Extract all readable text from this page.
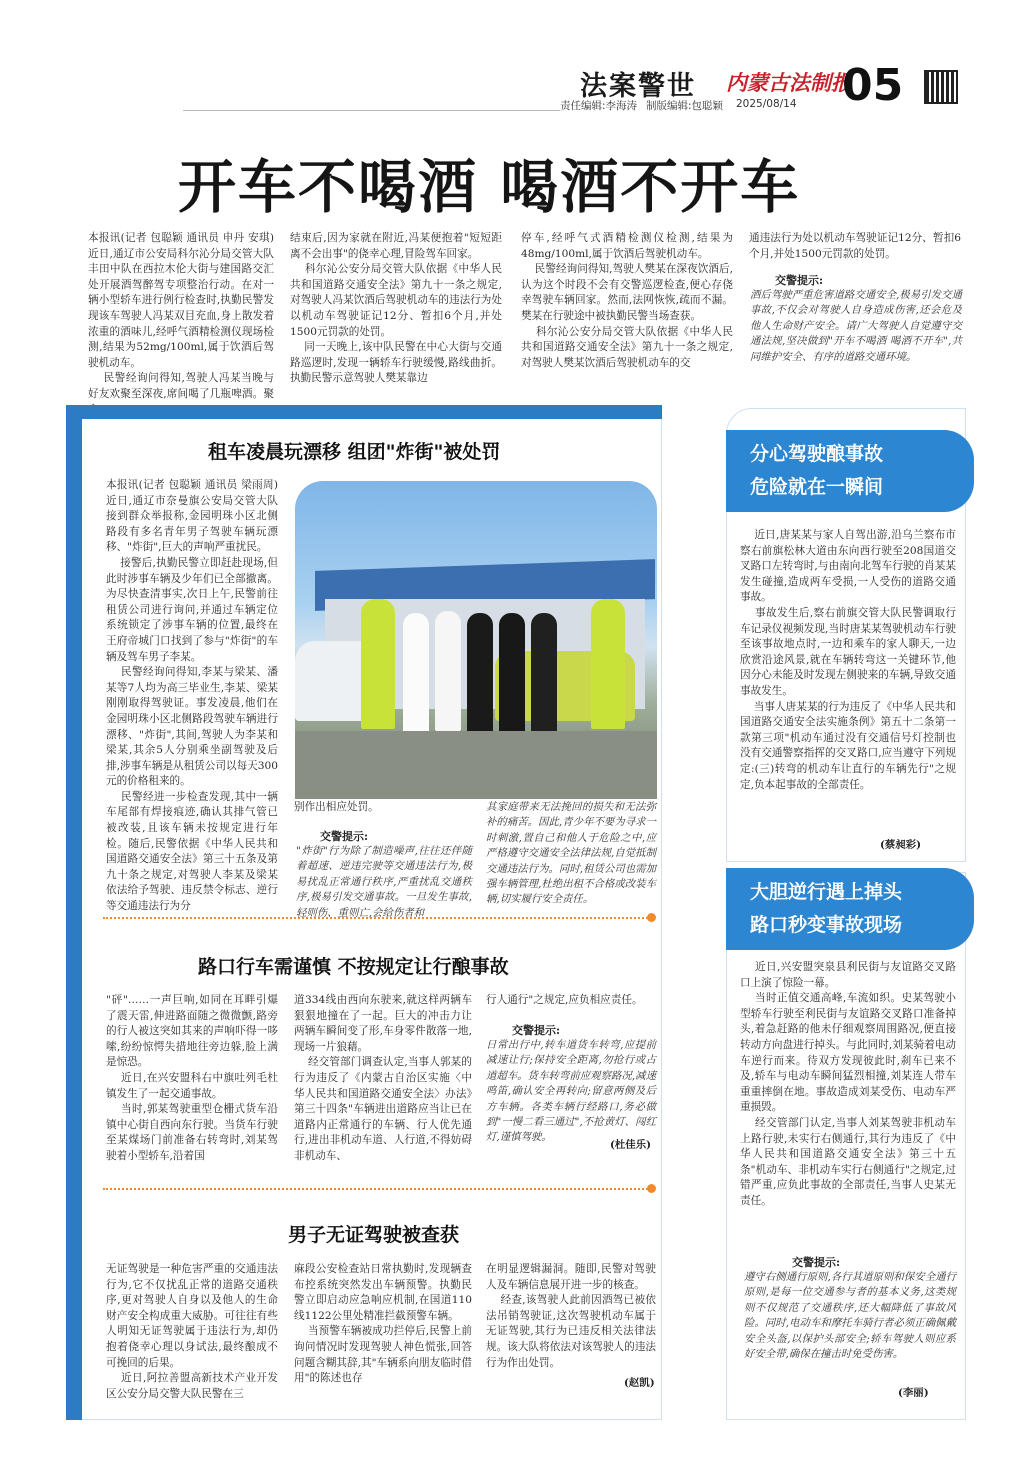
法案警世 内蒙古法制报
05
责任编辑:李海涛 制版编辑:包聪颖 2025/08/14
开车不喝酒 喝酒不开车
本报讯(记者 包聪颖 通讯员 申丹 安琪)近日,通辽市公安局科尔沁分局交管大队丰田中队在西拉木伦大街与建国路交汇处开展酒驾醉驾专项整治行动。在对一辆小型轿车进行例行检查时,执勤民警发现该车驾驶人冯某双目充血,身上散发着浓重的酒味儿,经呼气酒精检测仪现场检测,结果为52mg/100ml,属于饮酒后驾驶机动车。
民警经询问得知,驾驶人冯某当晚与好友欢聚至深夜,席间喝了几瓶啤酒。聚
结束后,因为家就在附近,冯某便抱着"短短距离不会出事"的侥幸心理,冒险驾车回家。
科尔沁公安分局交管大队依据《中华人民共和国道路交通安全法》第九十一条之规定,对驾驶人冯某饮酒后驾驶机动车的违法行为处以机动车驾驶证记12分、暂扣6个月,并处1500元罚款的处罚。
同一天晚上,该中队民警在中心大街与交通路巡逻时,发现一辆轿车行驶缓慢,路线曲折。执勤民警示意驾驶人樊某靠边
停车,经呼气式酒精检测仪检测,结果为48mg/100ml,属于饮酒后驾驶机动车。
民警经询问得知,驾驶人樊某在深夜饮酒后,认为这个时段不会有交警巡逻检查,便心存侥幸驾驶车辆回家。然而,法网恢恢,疏而不漏。樊某在行驶途中被执勤民警当场查获。
科尔沁公安分局交管大队依据《中华人民共和国道路交通安全法》第九十一条之规定,对驾驶人樊某饮酒后驾驶机动车的交
通违法行为处以机动车驾驶证记12分、暂扣6个月,并处1500元罚款的处罚。
交警提示:
酒后驾驶严重危害道路交通安全,极易引发交通事故,不仅会对驾驶人自身造成伤害,还会危及他人生命财产安全。请广大驾驶人自觉遵守交通法规,坚决做到"开车不喝酒 喝酒不开车",共同维护安全、有序的道路交通环境。
租车凌晨玩漂移 组团"炸街"被处罚
本报讯(记者 包聪颖 通讯员 梁雨周)近日,通辽市奈曼旗公安局交管大队接到群众举报称,金园明珠小区北侧路段有多名青年男子驾驶车辆玩漂移、"炸街",巨大的声响严重扰民。
接警后,执勤民警立即赶赴现场,但此时涉事车辆及少年们已全部撤离。为尽快查清事实,次日上午,民警前往租赁公司进行询问,并通过车辆定位系统锁定了涉事车辆的位置,最终在王府帝城门口找到了参与"炸街"的车辆及驾车男子李某。
民警经询问得知,李某与梁某、潘某等7人均为高三毕业生,李某、梁某刚刚取得驾驶证。事发凌晨,他们在金园明珠小区北侧路段驾驶车辆进行漂移、"炸街",其间,驾驶人为李某和梁某,其余5人分别乘坐副驾驶及后排,涉事车辆是从租赁公司以每天300元的价格租来的。
民警经进一步检查发现,其中一辆车尾部有焊接痕迹,确认其排气管已被改装,且该车辆未按规定进行年检。随后,民警依据《中华人民共和国道路交通安全法》第三十五条及第九十条之规定,对驾驶人李某及梁某依法给予驾驶、违反禁令标志、逆行等交通违法行为分
别作出相应处罚。
交警提示:
"炸街"行为除了制造噪声,往往还伴随着超速、逆违完驶等交通违法行为,极易扰乱正常通行秩序,严重扰乱交通秩序,极易引发交通事故。一旦发生事故,轻则伤、重则亡,会给伤者和
其家庭带来无法挽回的损失和无法弥补的痛苦。因此,青少年不要为寻求一时刺激,置自己和他人于危险之中,应严格遵守交通安全法律法规,自觉抵制交通违法行为。同时,租赁公司也需加强车辆管理,杜绝出租不合格或改装车辆,切实履行安全责任。
路口行车需谨慎 不按规定让行酿事故
"砰"……一声巨响,如同在耳畔引爆了震天雷,伸进路面随之微微颤,路旁的行人被这突如其来的声响吓得一哆嗦,纷纷惊愕失措地往旁边躲,脸上满是惊恐。
近日,在兴安盟科右中旗吐列毛杜镇发生了一起交通事故。
当时,郭某驾驶重型仓栅式货车沿镇中心街自西向东行驶。当货车行驶至某煤场门前准备右转弯时,刘某驾驶着小型轿车,沿着国
道334线由西向东驶来,就这样两辆车狠狠地撞在了一起。巨大的冲击力让两辆车瞬间变了形,车身零件散落一地,现场一片狼藉。
经交管部门调查认定,当事人郭某的行为违反了《内蒙古自治区实施〈中华人民共和国道路交通安全法〉办法》第三十四条"车辆进出道路应当让已在道路内正常通行的车辆、行人优先通行,进出非机动车道、人行道,不得妨碍非机动车、
行人通行"之规定,应负相应责任。
交警提示:
日常出行中,转车道货车转弯,应提前减速让行;保持安全距离,勿抢行或占道超车。货车转弯前应观察路况,减速鸣笛,确认安全再转向;留意两侧及后方车辆。各类车辆行经路口,务必做到"一慢二看三通过",不抢黄灯、闯红灯,谨慎驾驶。
(杜佳乐)
男子无证驾驶被查获
无证驾驶是一种危害严重的交通违法行为,它不仅扰乱正常的道路交通秩序,更对驾驶人自身以及他人的生命财产安全构成重大威胁。可往往有些人明知无证驾驶属于违法行为,却仍抱着侥幸心理以身试法,最终酿成不可挽回的后果。
近日,阿拉善盟高新技术产业开发区公安分局交警大队民警在三
麻段公安检查站日常执勤时,发现辆查布控系统突然发出车辆预警。执勤民警立即启动应急响应机制,在国道110线1122公里处精准拦截预警车辆。
当预警车辆被成功拦停后,民警上前询问情况时发现驾驶人神色慌张,回答问题含糊其辞,其"车辆系向朋友临时借用"的陈述也存
在明显逻辑漏洞。随即,民警对驾驶人及车辆信息展开进一步的核查。
经查,该驾驶人此前因酒驾已被依法吊销驾驶证,这次驾驶机动车属于无证驾驶,其行为已违反相关法律法规。该大队将依法对该驾驶人的违法行为作出处罚。
(赵凯)
分心驾驶酿事故
危险就在一瞬间
近日,唐某某与家人自驾出游,沿乌兰察布市察右前旗松林大道由东向西行驶至208国道交叉路口左转弯时,与由南向北驾车行驶的肖某某发生碰撞,造成两车受损,一人受伤的道路交通事故。
事故发生后,察右前旗交管大队民警调取行车记录仪视频发现,当时唐某某驾驶机动车行驶至该事故地点时,一边和乘车的家人聊天,一边欣赏沿途风景,就在车辆转弯这一关键环节,他因分心未能及时发现左侧驶来的车辆,导致交通事故发生。
当事人唐某某的行为违反了《中华人民共和国道路交通安全法实施条例》第五十二条第一款第三项"机动车通过没有交通信号灯控制也没有交通警察指挥的交叉路口,应当遵守下列规定:(三)转弯的机动车让直行的车辆先行"之规定,负本起事故的全部责任。
(蔡昶彩)
大胆逆行遇上掉头
路口秒变事故现场
近日,兴安盟突泉县利民街与友谊路交叉路口上演了惊险一幕。
当时正值交通高峰,车流如织。史某驾驶小型轿车行驶至利民街与友谊路交叉路口准备掉头,着急赶路的他未仔细观察周围路况,便直接转动方向盘进行掉头。与此同时,刘某骑着电动车逆行而来。待双方发现彼此时,刹车已来不及,轿车与电动车瞬间猛烈相撞,刘某连人带车重重摔倒在地。事故造成刘某受伤、电动车严重损毁。
经交管部门认定,当事人刘某驾驶非机动车上路行驶,未实行右侧通行,其行为违反了《中华人民共和国道路交通安全法》第三十五条"机动车、非机动车实行右侧通行"之规定,过错严重,应负此事故的全部责任,当事人史某无责任。
交警提示:
遵守右侧通行原则,各行其道原则和保安全通行原则,是每一位交通参与者的基本义务,这类规则不仅规范了交通秩序,还大幅降低了事故风险。同时,电动车和摩托车骑行者必须正确佩戴安全头盔,以保护头部安全;轿车驾驶人则应系好安全带,确保在撞击时免受伤害。
(李丽)
